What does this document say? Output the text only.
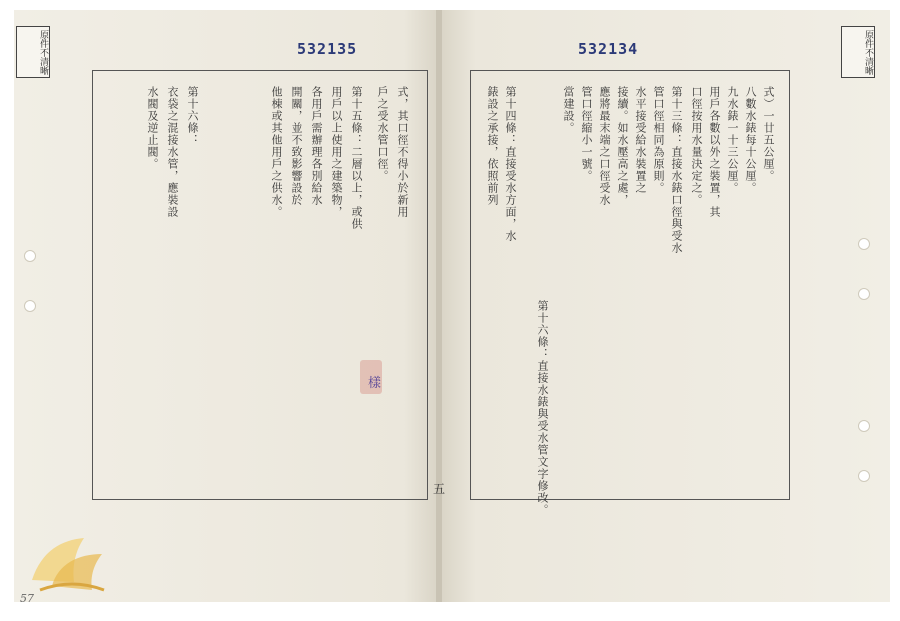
532135	532134	原件不清晰
原件不清晰
式，其口徑不得小於新用
戶之受水管口徑。
第十五條：二層以上，或供
用戶以上使用之建築物，
各用戶需辦理各別給水
開關，並不致影響設於
他棟或其他用戶之供水。
第十六條：
衣袋之混接水管，應裝設
水閥及逆止閥。	式）一廿五公厘。
八數水錶每十公厘。
九水錶一十三公厘。
用戶各數以外之裝置，其
口徑按用水量決定之。
第十三條：直接水錶口徑與受水
管口徑相同為原則。
水平接受給水裝置之
接續。如水壓高之處，
應將最末端之口徑受水
管口徑縮小一號。
當建設。
第十四條：直接受水方面，水
錶設之承接，依照前列
第十六條：直接水錶與受水管文字修改。
五
樣
57
